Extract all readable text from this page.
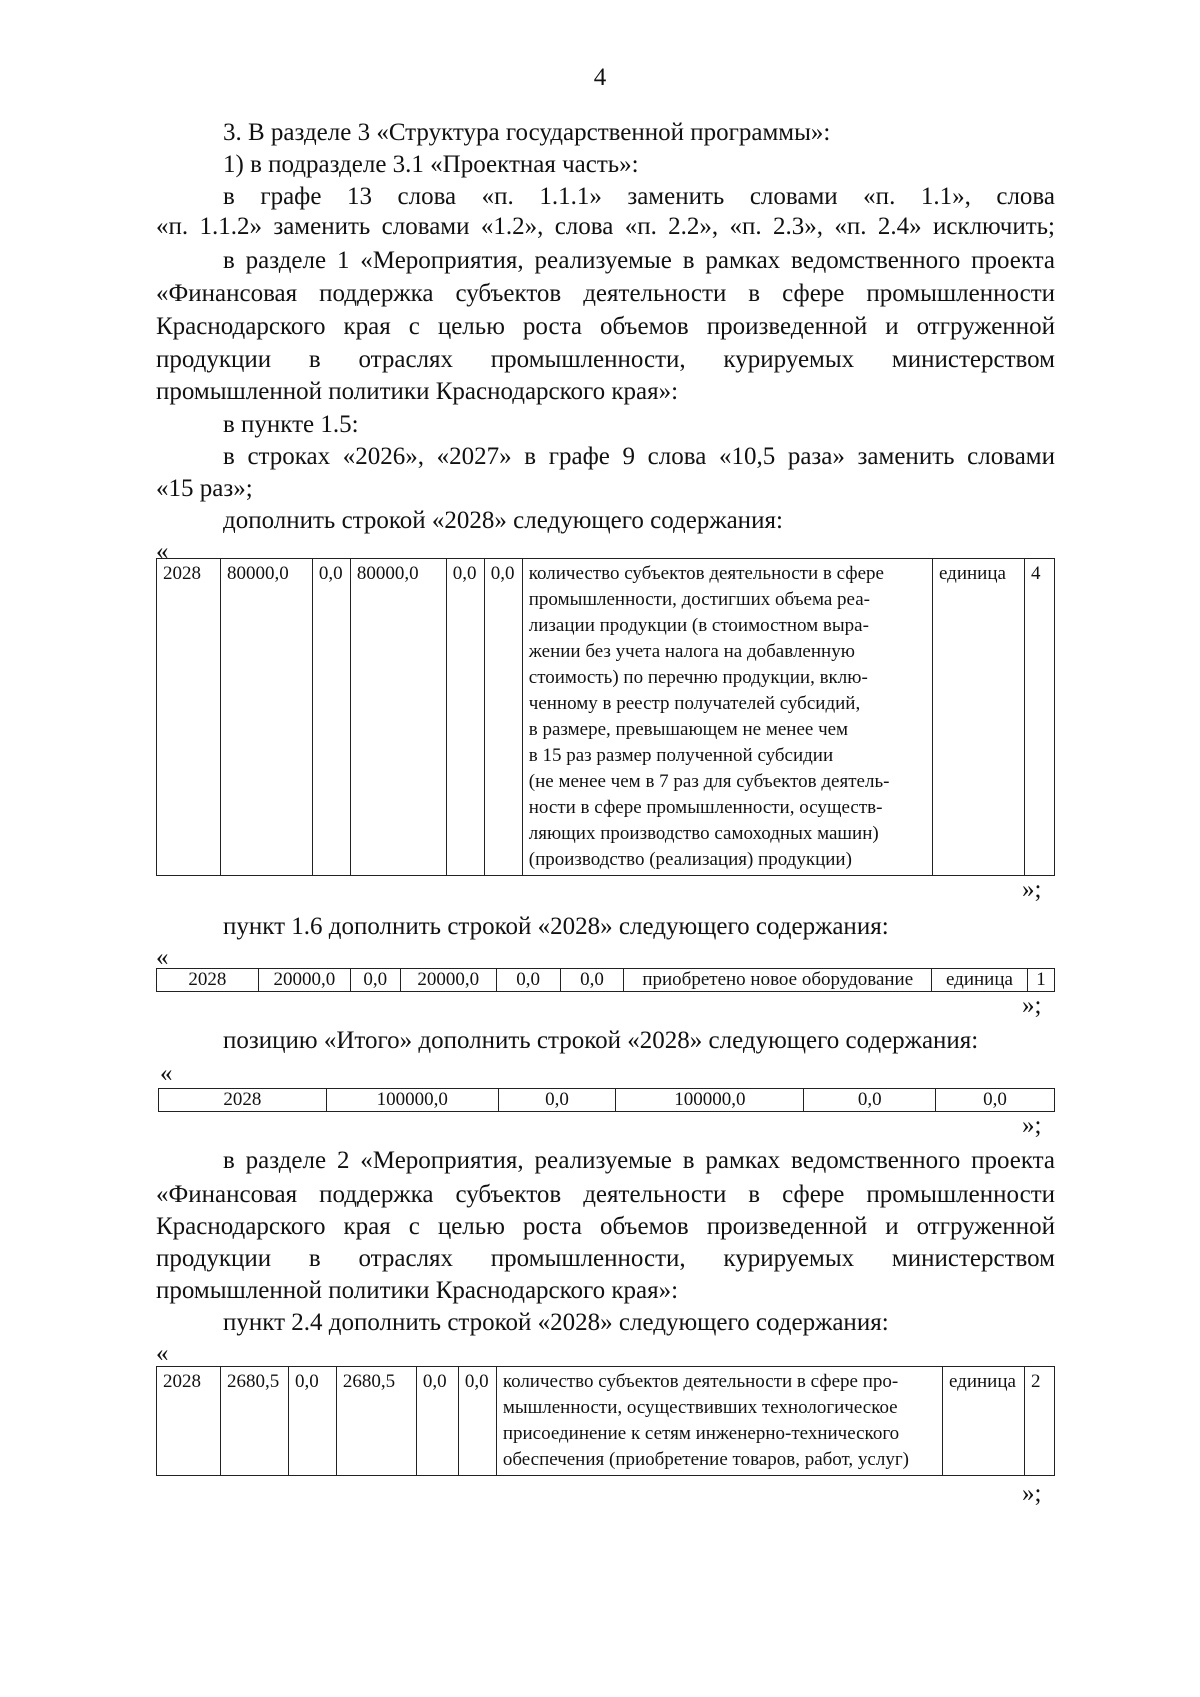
4
3. В разделе 3 «Структура государственной программы»:
1) в подразделе 3.1 «Проектная часть»:
в графе 13 слова «п. 1.1.1» заменить словами «п. 1.1», слова
«п. 1.1.2» заменить словами «1.2», слова «п. 2.2», «п. 2.3», «п. 2.4» исключить;
в разделе 1 «Мероприятия, реализуемые в рамках ведомственного проекта
«Финансовая поддержка субъектов деятельности в сфере промышленности
Краснодарского края с целью роста объемов произведенной и отгруженной
продукции в отраслях промышленности, курируемых министерством
промышленной политики Краснодарского края»:
в пункте 1.5:
в строках «2026», «2027» в графе 9 слова «10,5 раза» заменить словами
«15 раз»;
дополнить строкой «2028» следующего содержания:
«
2028	80000,0	0,0	80000,0	0,0	0,0	количество субъектов деятельности в сфере
промышленности, достигших объема реа-
лизации продукции (в стоимостном выра-
жении без учета налога на добавленную
стоимость) по перечню продукции, вклю-
ченному в реестр получателей субсидий,
в размере, превышающем не менее чем
в 15 раз размер полученной субсидии
(не менее чем в 7 раз для субъектов деятель-
ности в сфере промышленности, осуществ-
ляющих производство самоходных машин)
(производство (реализация) продукции)
	единица	4
»;
пункт 1.6 дополнить строкой «2028» следующего содержания:
«
2028	20000,0	0,0	20000,0	0,0	0,0	приобретено новое оборудование	единица	1
»;
позицию «Итого» дополнить строкой «2028» следующего содержания:
«
2028	100000,0	0,0	100000,0	0,0	0,0
»;
в разделе 2 «Мероприятия, реализуемые в рамках ведомственного проекта
«Финансовая поддержка субъектов деятельности в сфере промышленности
Краснодарского края с целью роста объемов произведенной и отгруженной
продукции в отраслях промышленности, курируемых министерством
промышленной политики Краснодарского края»:
пункт 2.4 дополнить строкой «2028» следующего содержания:
«
2028	2680,5	0,0	2680,5	0,0	0,0	количество субъектов деятельности в сфере про-
мышленности, осуществивших технологическое
присоединение к сетям инженерно-технического
обеспечения (приобретение товаров, работ, услуг)
	единица	2
»;
